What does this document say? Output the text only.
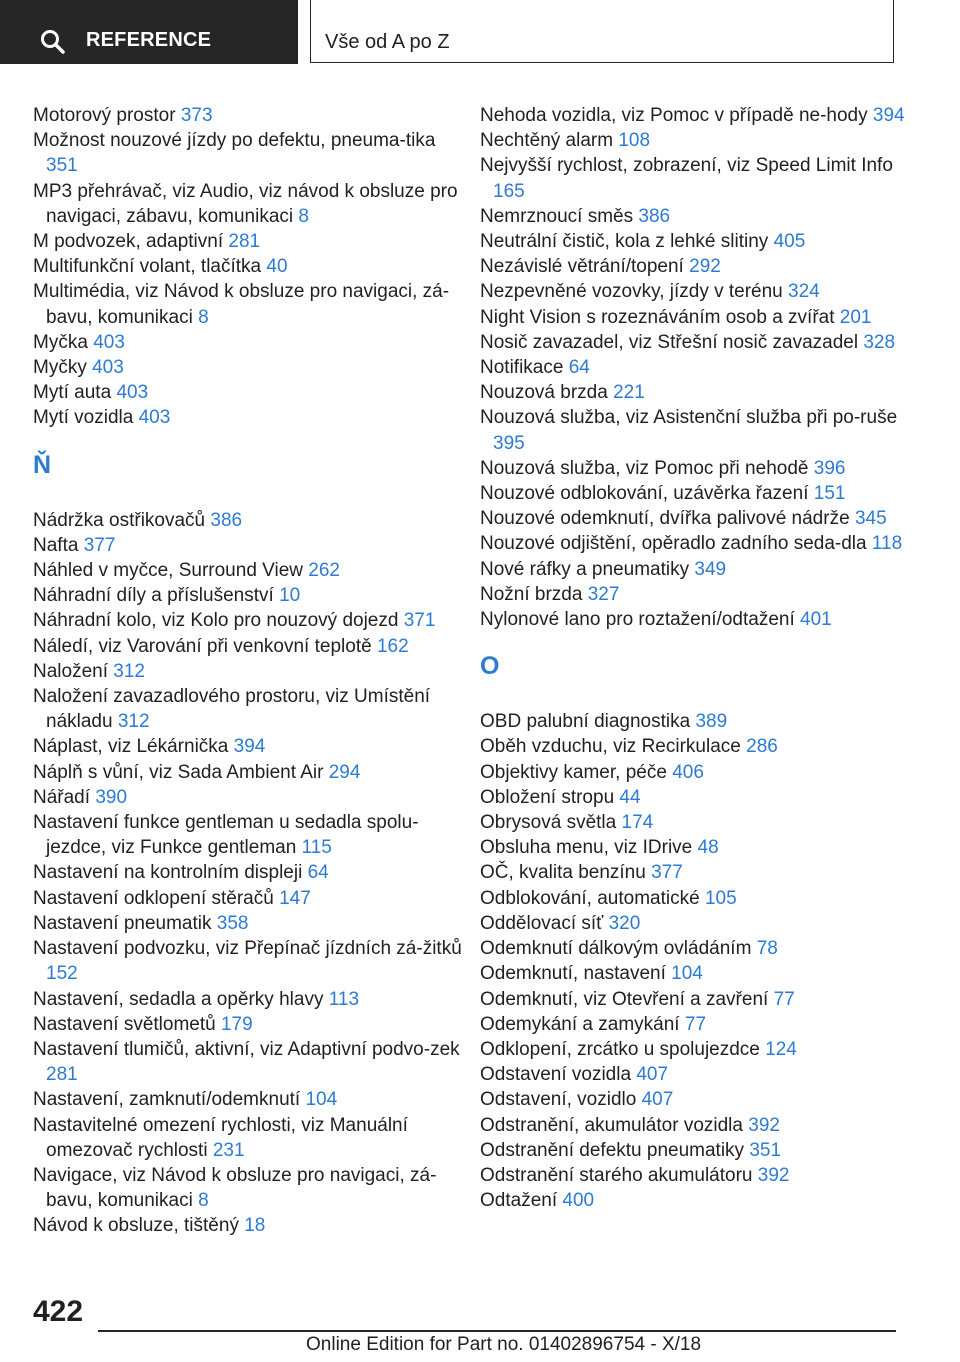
REFERENCE	Vše od A po Z
Motorový prostor 373
Možnost nouzové jízdy po defektu, pneuma-tika 351
MP3 přehrávač, viz Audio, viz návod k obsluze pro navigaci, zábavu, komunikaci 8
M podvozek, adaptivní 281
Multifunkční volant, tlačítka 40
Multimédia, viz Návod k obsluze pro navigaci, zá-bavu, komunikaci 8
Myčka 403
Myčky 403
Mytí auta 403
Mytí vozidla 403
Ň
Nádržka ostřikovačů 386
Nafta 377
Náhled v myčce, Surround View 262
Náhradní díly a příslušenství 10
Náhradní kolo, viz Kolo pro nouzový dojezd 371
Náledí, viz Varování při venkovní teplotě 162
Naložení 312
Naložení zavazadlového prostoru, viz Umístění nákladu 312
Náplast, viz Lékárnička 394
Náplň s vůní, viz Sada Ambient Air 294
Nářadí 390
Nastavení funkce gentleman u sedadla spolu-jezdce, viz Funkce gentleman 115
Nastavení na kontrolním displeji 64
Nastavení odklopení stěračů 147
Nastavení pneumatik 358
Nastavení podvozku, viz Přepínač jízdních zá-žitků 152
Nastavení, sedadla a opěrky hlavy 113
Nastavení světlometů 179
Nastavení tlumičů, aktivní, viz Adaptivní podvo-zek 281
Nastavení, zamknutí/odemknutí 104
Nastavitelné omezení rychlosti, viz Manuální omezovač rychlosti 231
Navigace, viz Návod k obsluze pro navigaci, zá-bavu, komunikaci 8
Návod k obsluze, tištěný 18
Nehoda vozidla, viz Pomoc v případě ne-hody 394
Nechtěný alarm 108
Nejvyšší rychlost, zobrazení, viz Speed Limit Info 165
Nemrznoucí směs 386
Neutrální čistič, kola z lehké slitiny 405
Nezávislé větrání/topení 292
Nezpevněné vozovky, jízdy v terénu 324
Night Vision s rozeznáváním osob a zvířat 201
Nosič zavazadel, viz Střešní nosič zavazadel 328
Notifikace 64
Nouzová brzda 221
Nouzová služba, viz Asistenční služba při po-ruše 395
Nouzová služba, viz Pomoc při nehodě 396
Nouzové odblokování, uzávěrka řazení 151
Nouzové odemknutí, dvířka palivové nádrže 345
Nouzové odjištění, opěradlo zadního seda-dla 118
Nové ráfky a pneumatiky 349
Nožní brzda 327
Nylonové lano pro roztažení/odtažení 401
O
OBD palubní diagnostika 389
Oběh vzduchu, viz Recirkulace 286
Objektivy kamer, péče 406
Obložení stropu 44
Obrysová světla 174
Obsluha menu, viz IDrive 48
OČ, kvalita benzínu 377
Odblokování, automatické 105
Oddělovací síť 320
Odemknutí dálkovým ovládáním 78
Odemknutí, nastavení 104
Odemknutí, viz Otevření a zavření 77
Odemykání a zamykání 77
Odklopení, zrcátko u spolujezdce 124
Odstavení vozidla 407
Odstavení, vozidlo 407
Odstranění, akumulátor vozidla 392
Odstranění defektu pneumatiky 351
Odstranění starého akumulátoru 392
Odtažení 400
422
Online Edition for Part no. 01402896754 - X/18
